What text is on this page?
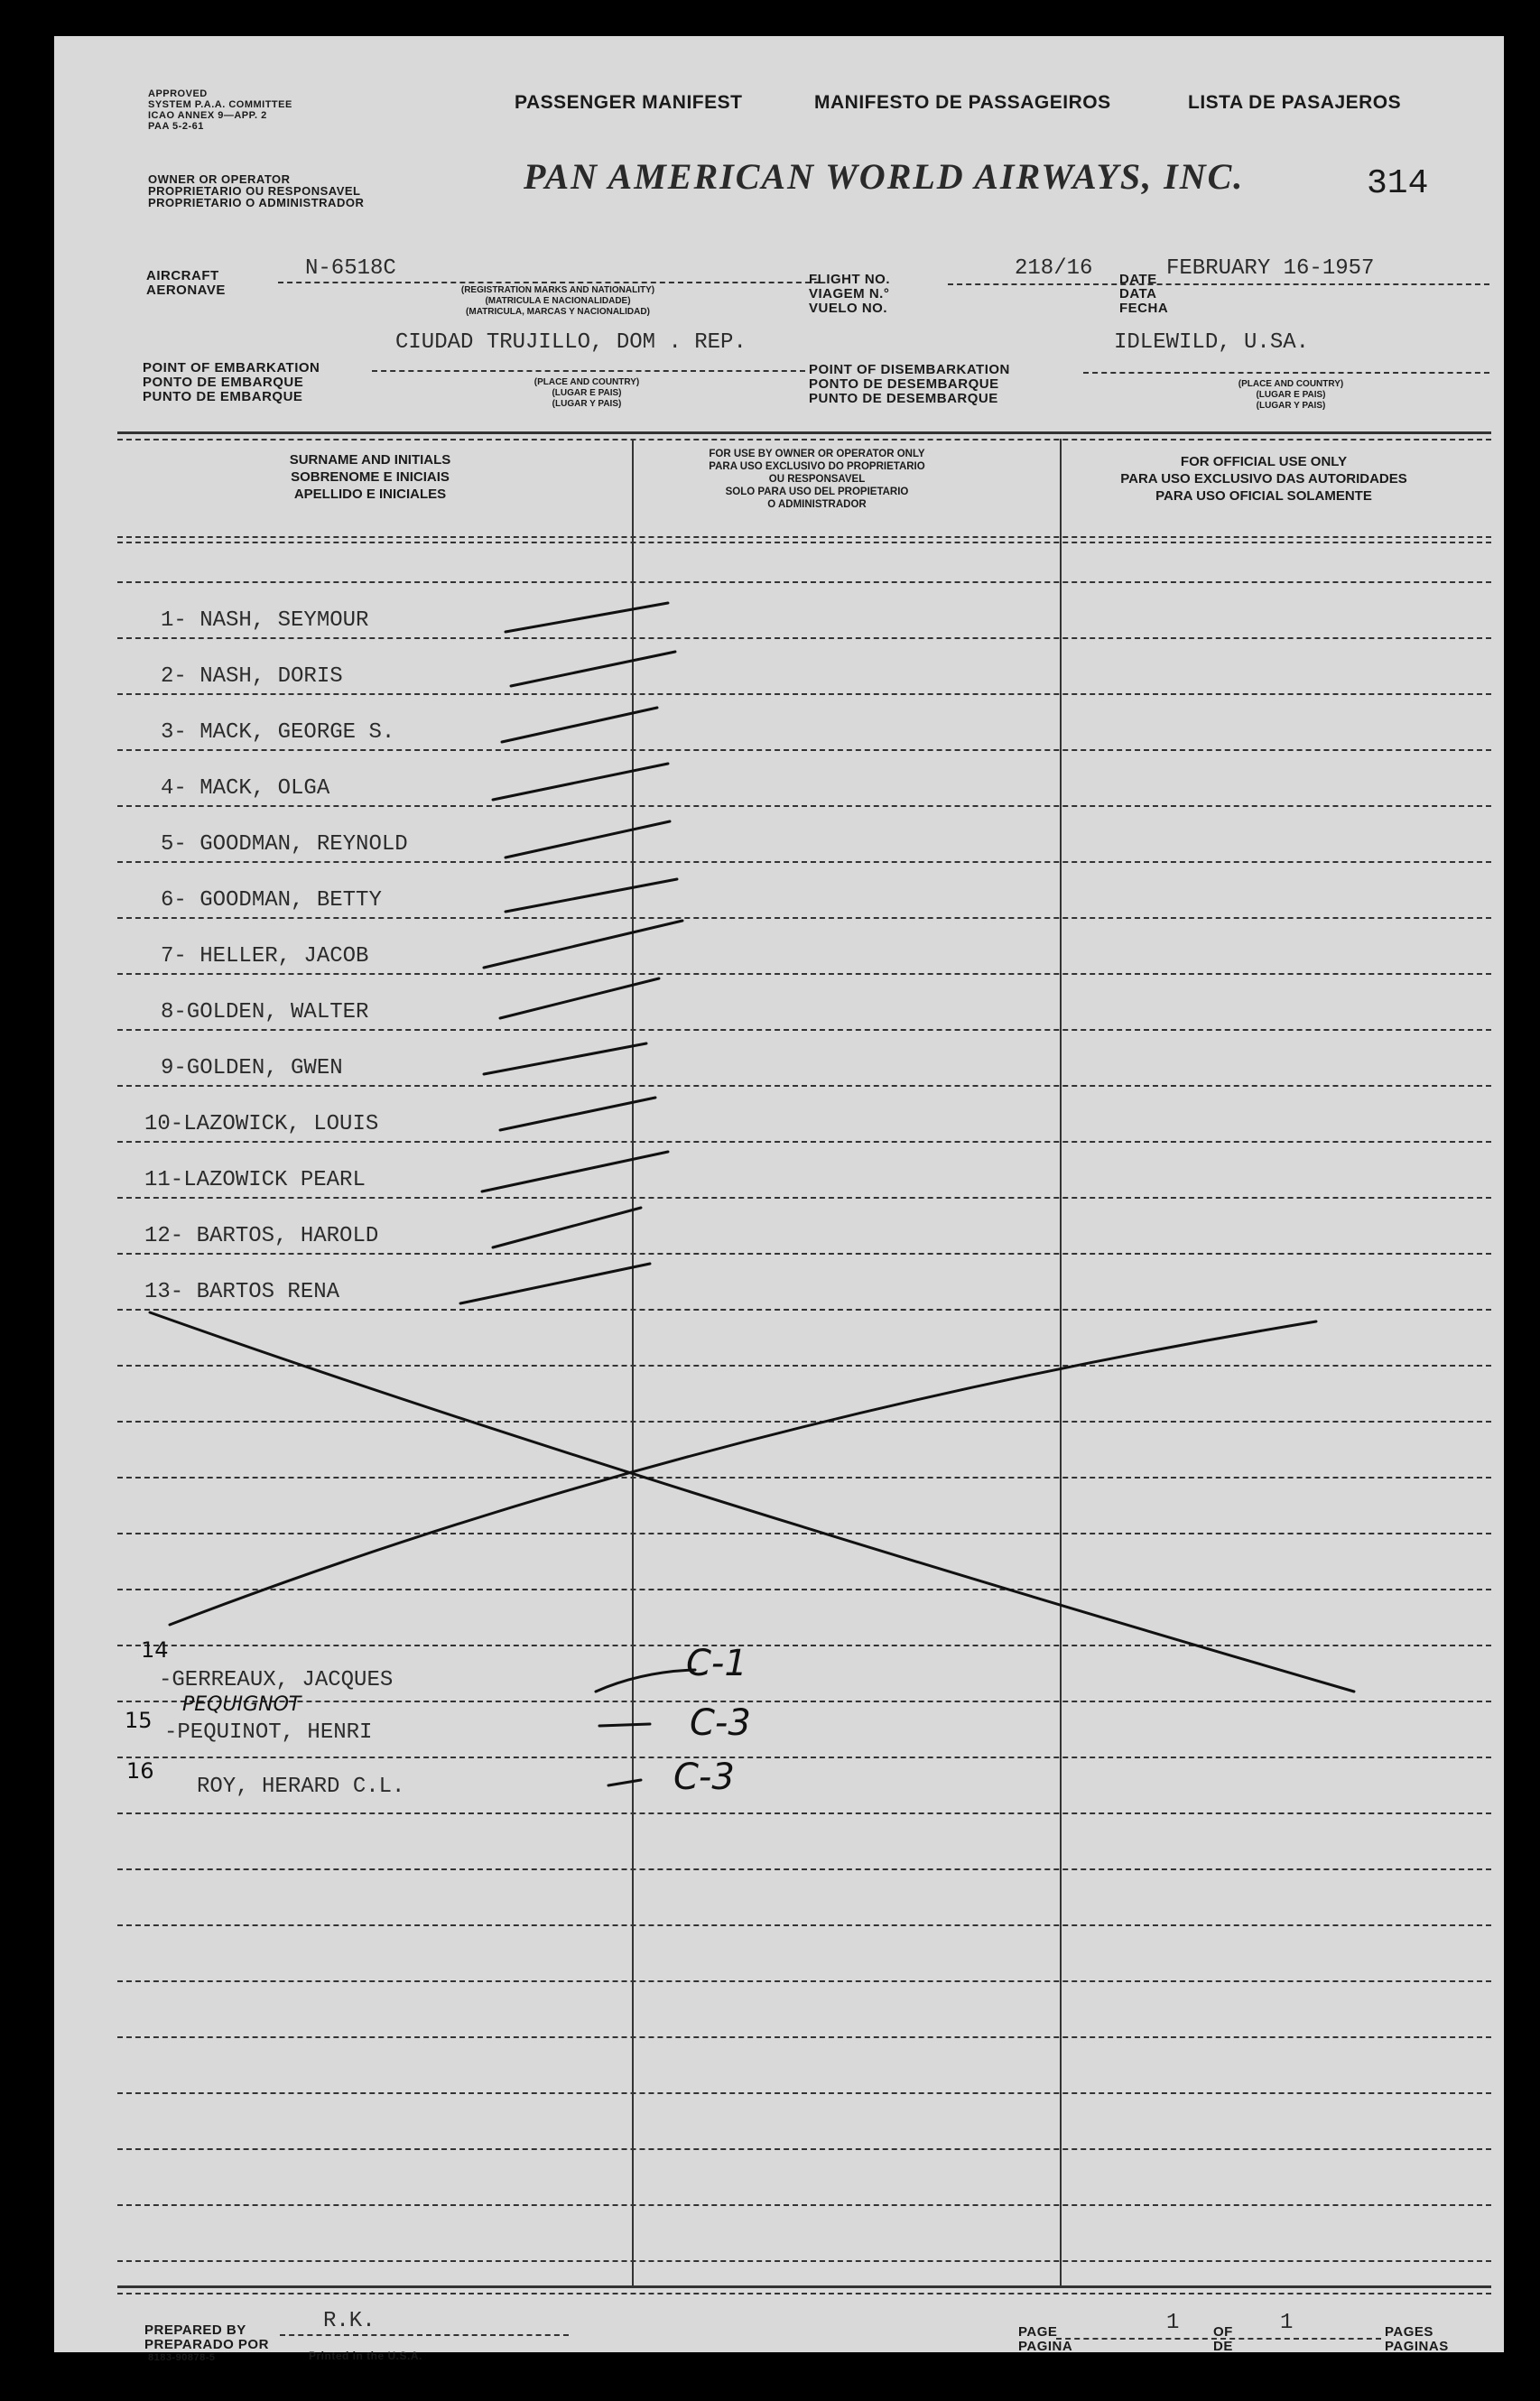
APPROVED
SYSTEM P.A.A. COMMITTEE
ICAO ANNEX 9—APP. 2
PAA 5-2-61
PASSENGER MANIFEST	MANIFESTO DE PASSAGEIROS	LISTA DE PASAJEROS
OWNER OR OPERATOR
PROPRIETARIO OU RESPONSAVEL
PROPRIETARIO O ADMINISTRADOR
PAN AMERICAN WORLD AIRWAYS, INC.	314
AIRCRAFT
AERONAVE
N-6518C
(REGISTRATION MARKS AND NATIONALITY)
(MATRICULA E NACIONALIDADE)
(MATRICULA, MARCAS Y NACIONALIDAD)
FLIGHT NO.
VIAGEM N.°
VUELO NO.
218/16 DATE
DATA
FECHA
FEBRUARY 16-1957
POINT OF EMBARKATION
PONTO DE EMBARQUE
PUNTO DE EMBARQUE
CIUDAD TRUJILLO, DOM . REP.
(PLACE AND COUNTRY)
(LUGAR E PAIS)
(LUGAR Y PAIS)
POINT OF DISEMBARKATION
PONTO DE DESEMBARQUE
PUNTO DE DESEMBARQUE
IDLEWILD, U.SA.
(PLACE AND COUNTRY)
(LUGAR E PAIS)
(LUGAR Y PAIS)
SURNAME AND INITIALS
SOBRENOME E INICIAIS
APELLIDO E INICIALES
FOR USE BY OWNER OR OPERATOR ONLY
PARA USO EXCLUSIVO DO PROPRIETARIO
OU RESPONSAVEL
SOLO PARA USO DEL PROPIETARIO
O ADMINISTRADOR
FOR OFFICIAL USE ONLY
PARA USO EXCLUSIVO DAS AUTORIDADES
PARA USO OFICIAL SOLAMENTE
1- NASH, SEYMOUR
2- NASH, DORIS
3- MACK, GEORGE S.
4- MACK, OLGA
5- GOODMAN, REYNOLD
6- GOODMAN, BETTY
7- HELLER, JACOB
8-GOLDEN, WALTER
9-GOLDEN, GWEN
10-LAZOWICK, LOUIS
11-LAZOWICK PEARL
12- BARTOS, HAROLD
13- BARTOS RENA
14
-GERREAUX, JACQUES	C-1
PEQUIGNOT
15 -PEQUINOT, HENRI	C-3
16
ROY, HERARD C.L.	C-3
PREPARED BY
PREPARADO POR
R.K.
8183-90878-5	Printed in the U.S.A.
PAGE
PAGINA
1	OF
DE
1	PAGES
PAGINAS
